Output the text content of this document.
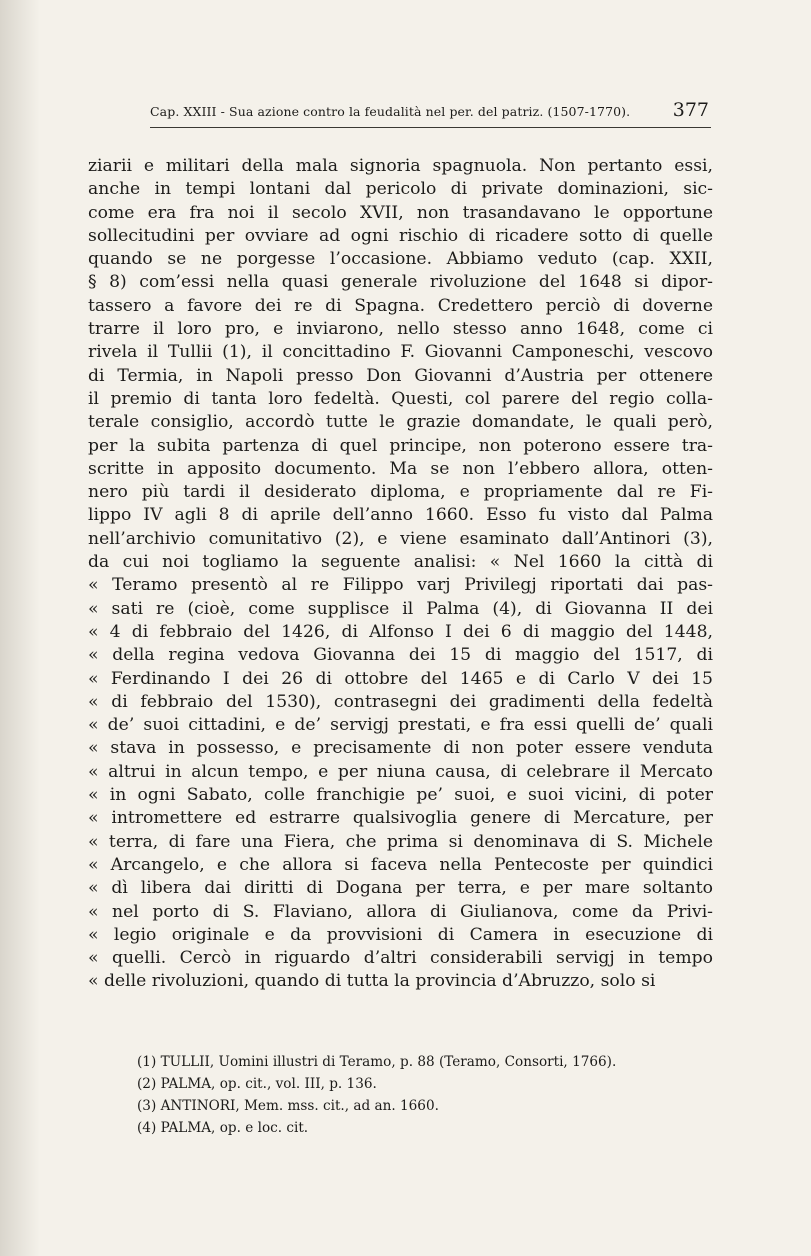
Cap. XXIII - Sua azione contro la feudalità nel per. del patriz. (1507-1770). 377
ziarii e militari della mala signoria spagnuola. Non pertanto essi,
anche in tempi lontani dal pericolo di private dominazioni, sic-
come era fra noi il secolo XVII, non trasandavano le opportune
sollecitudini per ovviare ad ogni rischio di ricadere sotto di quelle
quando se ne porgesse l’occasione. Abbiamo veduto (cap. XXII,
§ 8) com’essi nella quasi generale rivoluzione del 1648 si dipor-
tassero a favore dei re di Spagna. Credettero perciò di doverne
trarre il loro pro, e inviarono, nello stesso anno 1648, come ci
rivela il Tullii (1), il concittadino F. Giovanni Camponeschi, vescovo
di Termia, in Napoli presso Don Giovanni d’Austria per ottenere
il premio di tanta loro fedeltà. Questi, col parere del regio colla-
terale consiglio, accordò tutte le grazie domandate, le quali però,
per la subita partenza di quel principe, non poterono essere tra-
scritte in apposito documento. Ma se non l’ebbero allora, otten-
nero più tardi il desiderato diploma, e propriamente dal re Fi-
lippo IV agli 8 di aprile dell’anno 1660. Esso fu visto dal Palma
nell’archivio comunitativo (2), e viene esaminato dall’Antinori (3),
da cui noi togliamo la seguente analisi: « Nel 1660 la città di
« Teramo presentò al re Filippo varj Privilegj riportati dai pas-
« sati re (cioè, come supplisce il Palma (4), di Giovanna II dei
« 4 di febbraio del 1426, di Alfonso I dei 6 di maggio del 1448,
« della regina vedova Giovanna dei 15 di maggio del 1517, di
« Ferdinando I dei 26 di ottobre del 1465 e di Carlo V dei 15
« di febbraio del 1530), contrasegni dei gradimenti della fedeltà
« de’ suoi cittadini, e de’ servigj prestati, e fra essi quelli de’ quali
« stava in possesso, e precisamente di non poter essere venduta
« altrui in alcun tempo, e per niuna causa, di celebrare il Mercato
« in ogni Sabato, colle franchigie pe’ suoi, e suoi vicini, di poter
« intromettere ed estrarre qualsivoglia genere di Mercature, per
« terra, di fare una Fiera, che prima si denominava di S. Michele
« Arcangelo, e che allora si faceva nella Pentecoste per quindici
« dì libera dai diritti di Dogana per terra, e per mare soltanto
« nel porto di S. Flaviano, allora di Giulianova, come da Privi-
« legio originale e da provvisioni di Camera in esecuzione di
« quelli. Cercò in riguardo d’altri considerabili servigj in tempo
« delle rivoluzioni, quando di tutta la provincia d’Abruzzo, solo si
(1) TULLII, Uomini illustri di Teramo, p. 88 (Teramo, Consorti, 1766).
(2) PALMA, op. cit., vol. III, p. 136.
(3) ANTINORI, Mem. mss. cit., ad an. 1660.
(4) PALMA, op. e loc. cit.
